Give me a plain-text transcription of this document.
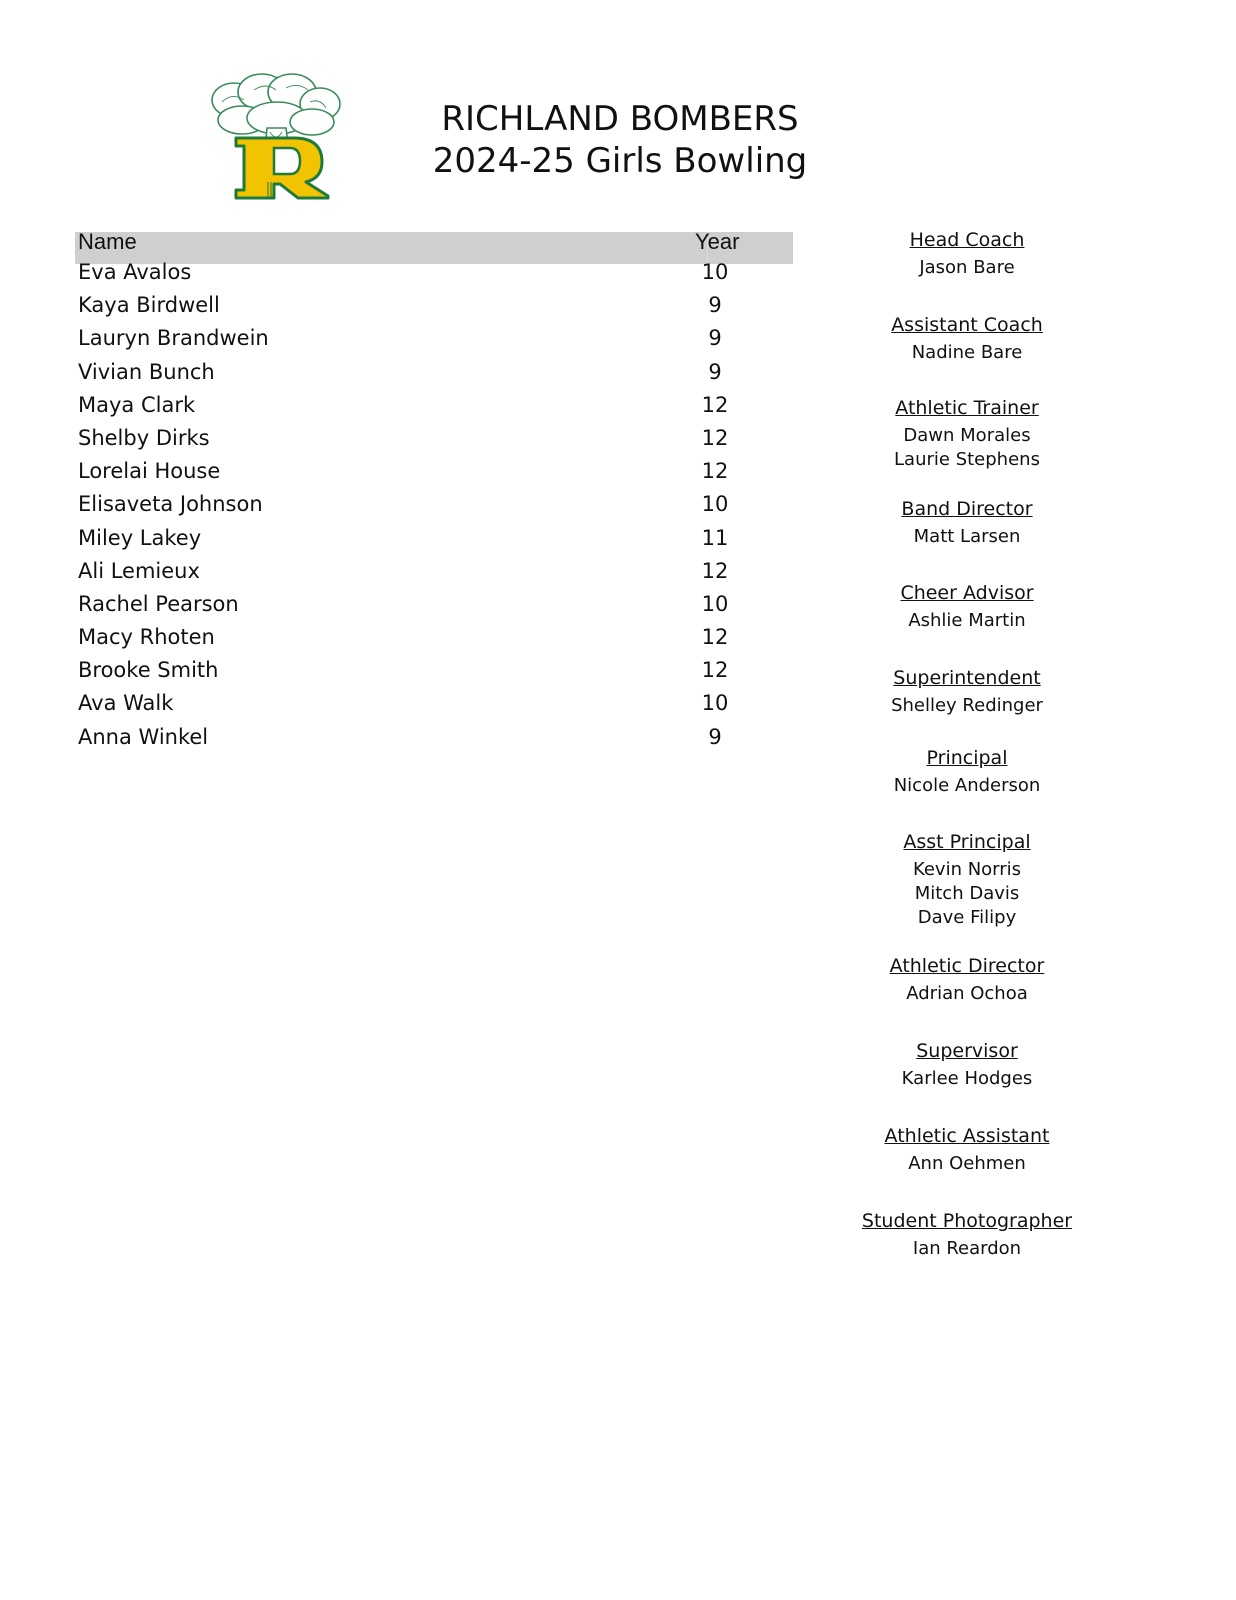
RICHLAND BOMBERS
2024-25 Girls Bowling
Name	Year
Eva Avalos	10
Kaya Birdwell	9
Lauryn Brandwein	9
Vivian Bunch	9
Maya Clark	12
Shelby Dirks	12
Lorelai House	12
Elisaveta Johnson	10
Miley Lakey	11
Ali Lemieux	12
Rachel Pearson	10
Macy Rhoten	12
Brooke Smith	12
Ava Walk	10
Anna Winkel	9
Head Coach
Jason Bare
Assistant Coach
Nadine Bare
Athletic Trainer
Dawn Morales
Laurie Stephens
Band Director
Matt Larsen
Cheer Advisor
Ashlie Martin
Superintendent
Shelley Redinger
Principal
Nicole Anderson
Asst Principal
Kevin Norris
Mitch Davis
Dave Filipy
Athletic Director
Adrian Ochoa
Supervisor
Karlee Hodges
Athletic Assistant
Ann Oehmen
Student Photographer
Ian Reardon
